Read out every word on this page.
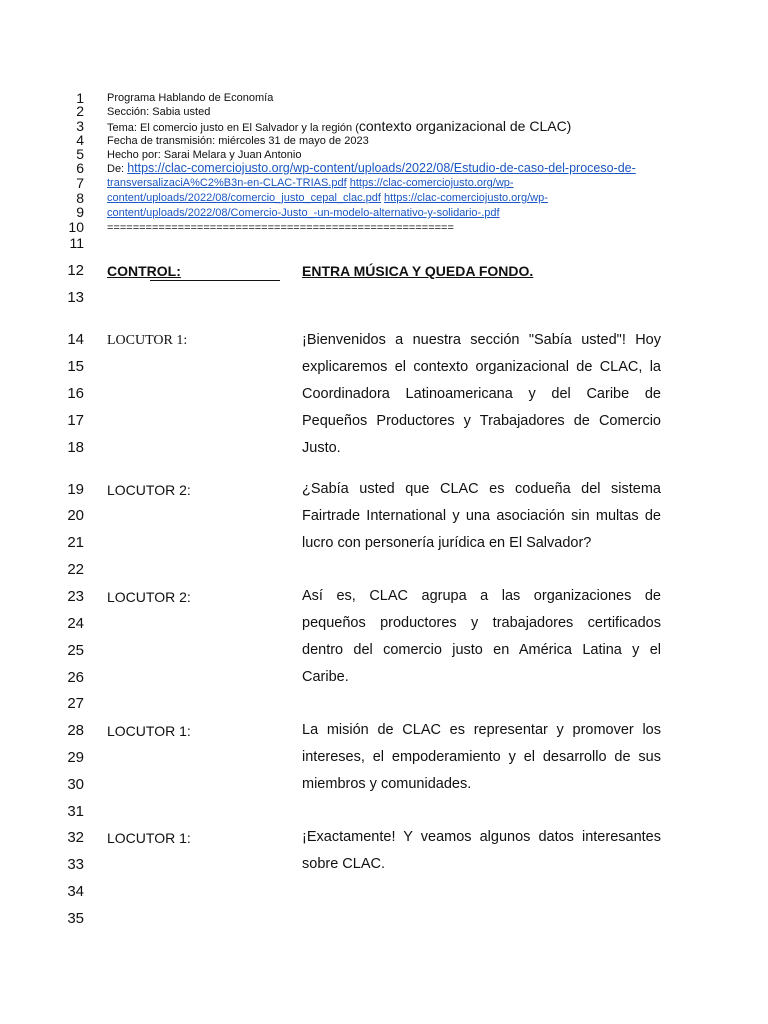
1
2
3
4
5
6
7
8
9
10
11
12
13
14
15
16
17
18
19
20
21
22
23
24
25
26
27
28
29
30
31
32
33
34
35
Programa Hablando de Economía
Sección: Sabia usted
Tema: El comercio justo en El Salvador y la región (contexto organizacional de CLAC)
Fecha de transmisión: miércoles 31 de mayo de 2023
Hecho por: Sarai Melara y Juan Antonio
De: https://clac-comerciojusto.org/wp-content/uploads/2022/08/Estudio-de-caso-del-proceso-de-
transversalizaciA%C2%B3n-en-CLAC-TRIAS.pdf https://clac-comerciojusto.org/wp-
content/uploads/2022/08/comercio_justo_cepal_clac.pdf https://clac-comerciojusto.org/wp-
content/uploads/2022/08/Comercio-Justo_-un-modelo-alternativo-y-solidario-.pdf
======================================================
CONTROL:	ENTRA MÚSICA Y QUEDA FONDO.
LOCUTOR 1:	¡Bienvenidos a nuestra sección "Sabía usted"! Hoy explicaremos el contexto organizacional de CLAC, la Coordinadora Latinoamericana y del Caribe de Pequeños Productores y Trabajadores de Comercio Justo.
LOCUTOR 2:	¿Sabía usted que CLAC es codueña del sistema Fairtrade International y una asociación sin multas de lucro con personería jurídica en El Salvador?
LOCUTOR 2:	Así es, CLAC agrupa a las organizaciones de pequeños productores y trabajadores certificados dentro del comercio justo en América Latina y el Caribe.
LOCUTOR 1:	La misión de CLAC es representar y promover los intereses, el empoderamiento y el desarrollo de sus miembros y comunidades.
LOCUTOR 1:	¡Exactamente! Y veamos algunos datos interesantes sobre CLAC.
